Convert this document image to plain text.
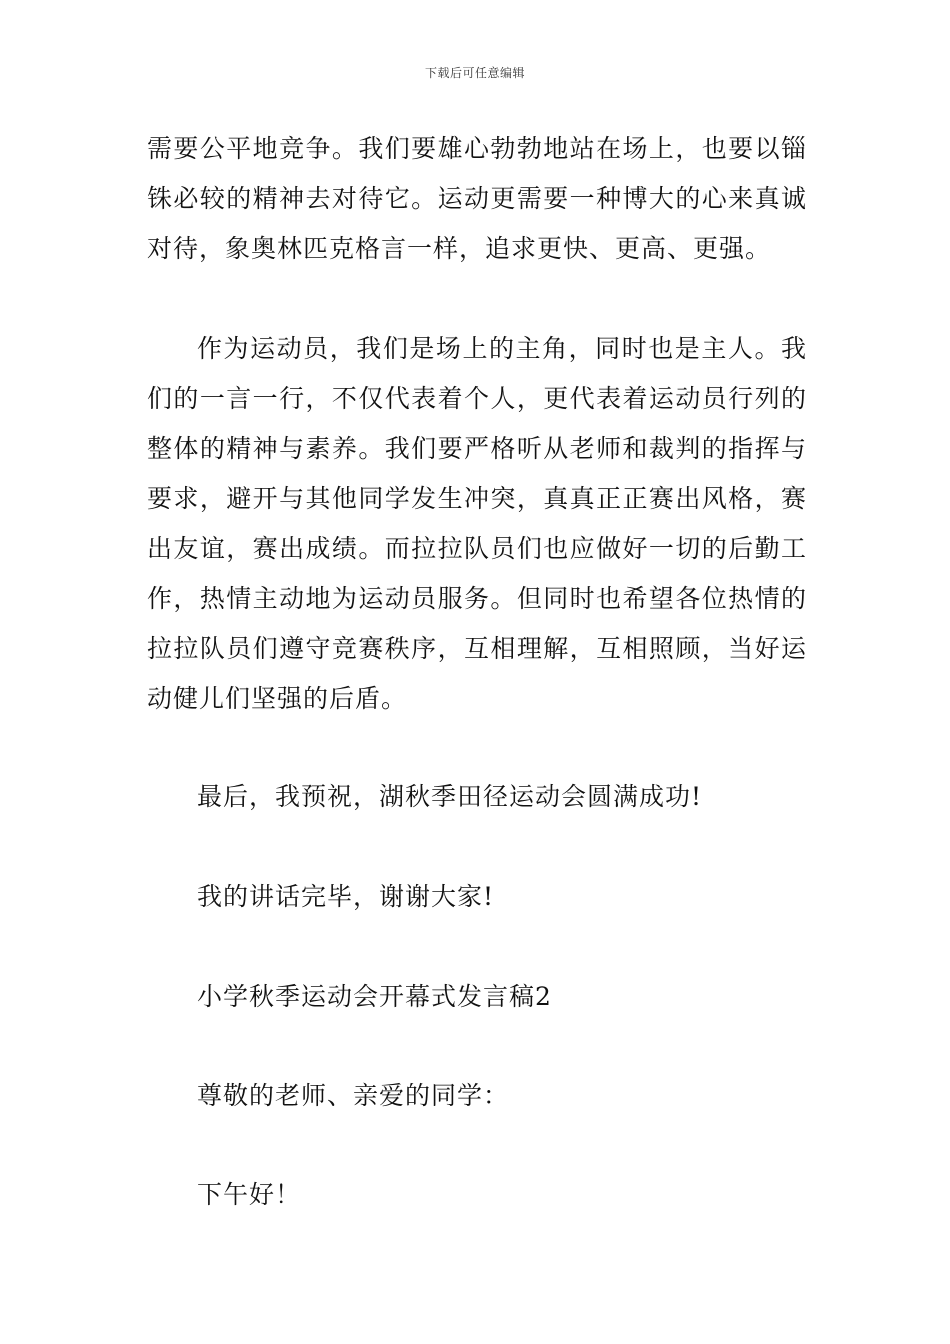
下载后可任意编辑

需要公平地竞争。我们要雄心勃勃地站在场上，也要以锱铢必较的精神去对待它。运动更需要一种博大的心来真诚对待，象奥林匹克格言一样，追求更快、更高、更强。

作为运动员，我们是场上的主角，同时也是主人。我们的一言一行，不仅代表着个人，更代表着运动员行列的整体的精神与素养。我们要严格听从老师和裁判的指挥与要求，避开与其他同学发生冲突，真真正正赛出风格，赛出友谊，赛出成绩。而拉拉队员们也应做好一切的后勤工作，热情主动地为运动员服务。但同时也希望各位热情的拉拉队员们遵守竞赛秩序，互相理解，互相照顾，当好运动健儿们坚强的后盾。

最后，我预祝，湖秋季田径运动会圆满成功!

我的讲话完毕，谢谢大家!

小学秋季运动会开幕式发言稿2

尊敬的老师、亲爱的同学：

下午好！
